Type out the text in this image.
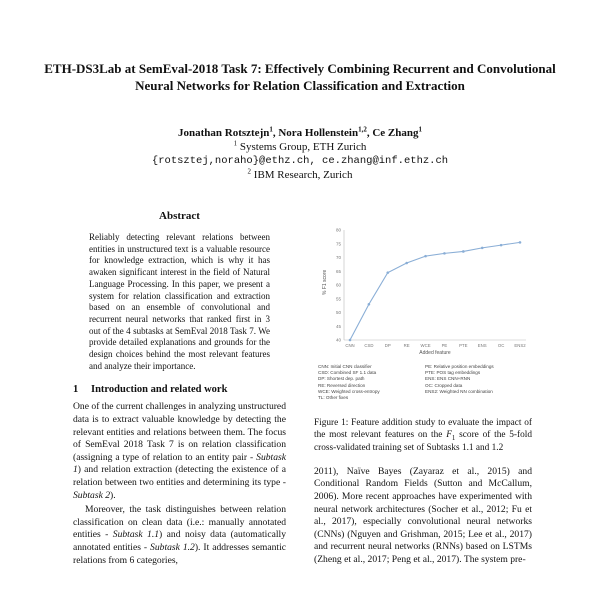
ETH-DS3Lab at SemEval-2018 Task 7: Effectively Combining Recurrent and Convolutional Neural Networks for Relation Classification and Extraction
Jonathan Rotsztejn$^1$, Nora Hollenstein$^{1,2}$, Ce Zhang$^1$
$^1$ Systems Group, ETH Zurich
{rotsztej,noraho}@ethz.ch, ce.zhang@inf.ethz.ch
$^2$ IBM Research, Zurich
Abstract

Reliably detecting relevant relations between entities in unstructured text is a valuable resource for knowledge extraction, which is why it has awaken significant interest in the field of Natural Language Processing. In this paper, we present a system for relation classification and extraction based on an ensemble of convolutional and recurrent neural networks that ranked first in 3 out of the 4 subtasks at SemEval 2018 Task 7. We provide detailed explanations and grounds for the design choices behind the most relevant features and analyze their importance.

1 Introduction and related work

One of the current challenges in analyzing unstructured data is to extract valuable knowledge by detecting the relevant entities and relations between them. The focus of SemEval 2018 Task 7 is on relation classification (assigning a type of relation to an entity pair - Subtask 1) and relation extraction (detecting the existence of a relation between two entities and determining its type - Subtask 2).

Moreover, the task distinguishes between relation classification on clean data (i.e.: manually annotated entities - Subtask 1.1) and noisy data (automatically annotated entities - Subtask 1.2). It addresses semantic relations from 6 categories,

% F1 score
Added feature
40
45
50
55
60
65
70
75
80
CNN CSD	DP	RE	WCE	PE	PTE ENS	OC ENS2
CNN: Initial CNN classifier	PE: Relative position embeddings
CSD: Combined SF 1.1 data	PTE: POS tag embeddings
DP: Shortest dep. path	ENS: ENS CNN+RNN
RE: Reversed direction	OC: Cropped data
WCE: Weighted cross-entropy	ENS2: Weighted NN combination
TL: Other fixes

Figure 1: Feature addition study to evaluate the impact of the most relevant features on the $F_1$ score of the 5-fold cross-validated training set of Subtasks 1.1 and 1.2

2011), Naïve Bayes (Zayaraz et al., 2015) and Conditional Random Fields (Sutton and McCallum, 2006). More recent approaches have experimented with neural network architectures (Socher et al., 2012; Fu et al., 2017), especially convolutional neural networks (CNNs) (Nguyen and Grishman, 2015; Lee et al., 2017) and recurrent neural networks (RNNs) based on LSTMs (Zheng et al., 2017; Peng et al., 2017). The system pre-
